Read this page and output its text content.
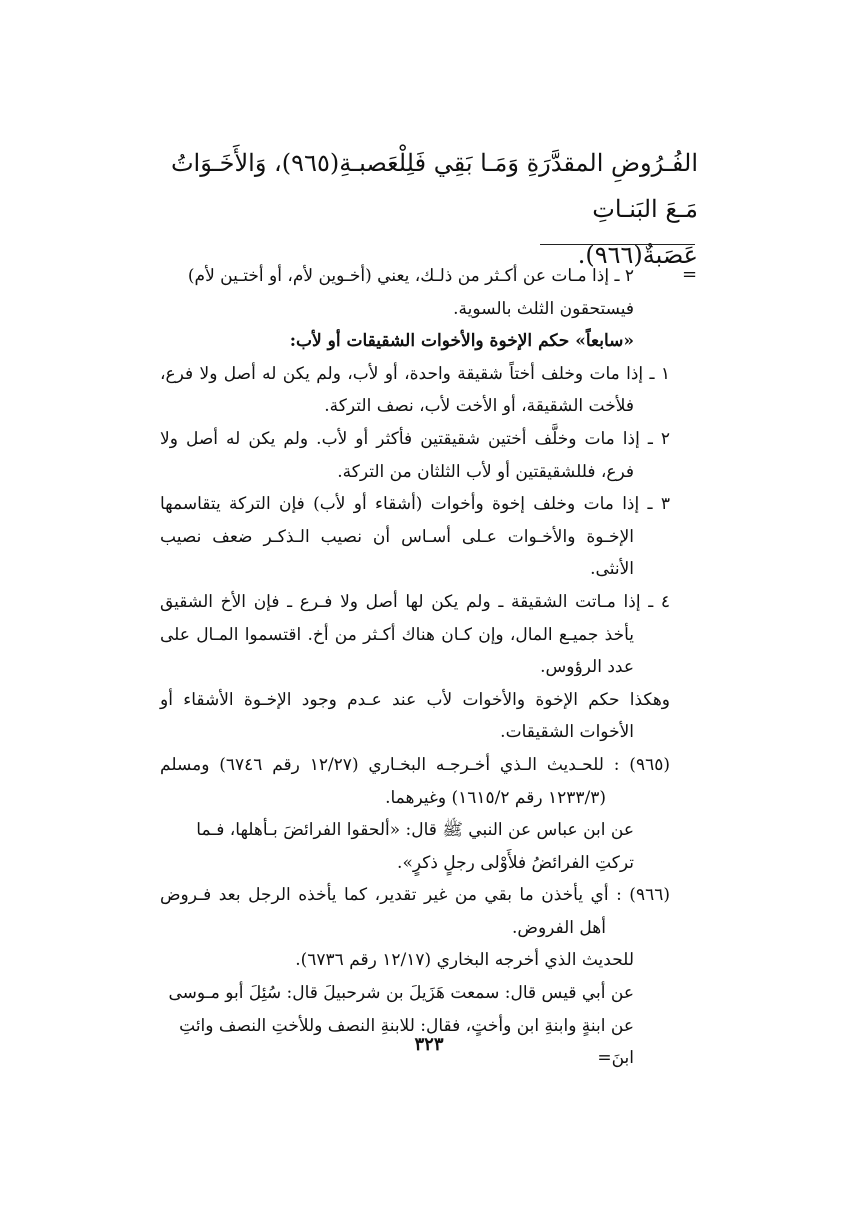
الفُـرُوضِ المقدَّرَةِ وَمَـا بَقِي فَلِلْعَصبـةِ(٩٦٥)، وَالأَخَـوَاتُ مَـعَ البَنـاتِ

عَصَبةٌ(٩٦٦).

=

٢ ـ إذا مـات عن أكـثر من ذلـك، يعني (أخـوين لأم، أو أختـين لأم) فيستحقون الثلث بالسوية.

«سابعاً» حكم الإخوة والأخوات الشقيقات أو لأب:

١ ـ إذا مات وخلف أختاً شقيقة واحدة، أو لأب، ولم يكن له أصل ولا فرع، فلأخت الشقيقة، أو الأخت لأب، نصف التركة.

٢ ـ إذا مات وخلَّف أختين شقيقتين فأكثر أو لأب. ولم يكن له أصل ولا فرع، فللشقيقتين أو لأب الثلثان من التركة.

٣ ـ إذا مات وخلف إخوة وأخوات (أشقاء أو لأب) فإن التركة يتقاسمها الإخـوة والأخـوات عـلى أسـاس أن نصيب الـذكـر ضعف نصيب الأنثى.

٤ ـ إذا مـاتت الشقيقة ـ ولم يكن لها أصل ولا فـرع ـ فإن الأخ الشقيق يأخذ جميـع المال، وإن كـان هناك أكـثر من أخ. اقتسموا المـال على عدد الرؤوس.

وهكذا حكم الإخوة والأخوات لأب عند عـدم وجود الإخـوة الأشقاء أو الأخوات الشقيقات.

(٩٦٥) : للحـديث الـذي أخـرجـه البخـاري (١٢/٢٧ رقم ٦٧٤٦) ومسلم (١٢٣٣/٣ رقم ١٦١٥/٢) وغيرهما.

عن ابن عباس عن النبي ﷺ قال: «ألحقوا الفرائضَ بـأهلها، فـما تركتِ الفرائضُ فلأَوْلى رجلٍ ذكرٍ».

(٩٦٦) : أي يأخذن ما بقي من غير تقدير، كما يأخذه الرجل بعد فـروض أهل الفروض.

للحديث الذي أخرجه البخاري (١٢/١٧ رقم ٦٧٣٦).

عن أبي قيس قال: سمعت هَزَيلَ بن شرحبيلَ قال: سُئِلَ أبو مـوسى عن ابنةٍ وابنةِ ابن وأختٍ، فقال: للابنةِ النصف وللأختِ النصف وائتِ ابنَ=

٣٢٣
